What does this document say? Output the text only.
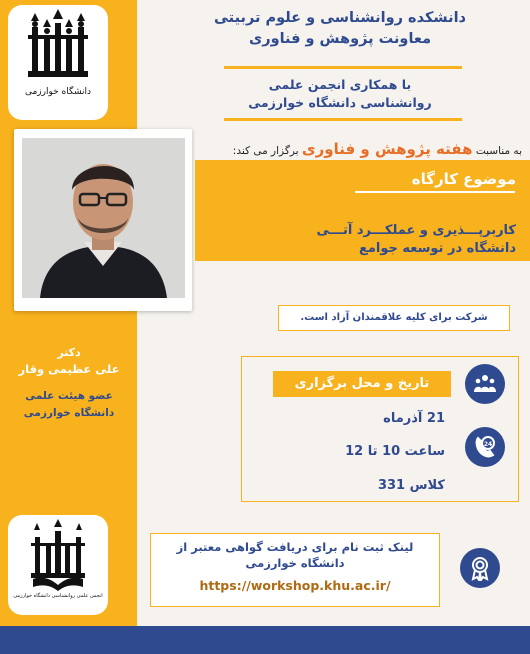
دانشگاه خوارزمی
دکتر
علی عظیمی وقار
عضو هیئت علمی
دانشگاه خوارزمی
انجمن علمی روانشناسی دانشگاه خوارزمی
دانشکده روانشناسی و علوم تربیتی
معاونت پژوهش و فناوری
با همکاری انجمن علمی
روانشناسی دانشگاه خوارزمی
به مناسبت هفته پژوهش و فناوری برگزار می کند:
موضوع کارگاه
کاربرپـــذیری و عملکـــرد آتـــی
دانشگاه در توسعه جوامع
شرکت برای کلیه علاقمندان آزاد است.
تاریخ و محل برگزاری
21 آذرماه
24
ساعت 10 تا 12
کلاس 331
لینک ثبت نام برای دریافت گواهی معتبر از
دانشگاه خوارزمی
https://workshop.khu.ac.ir/
